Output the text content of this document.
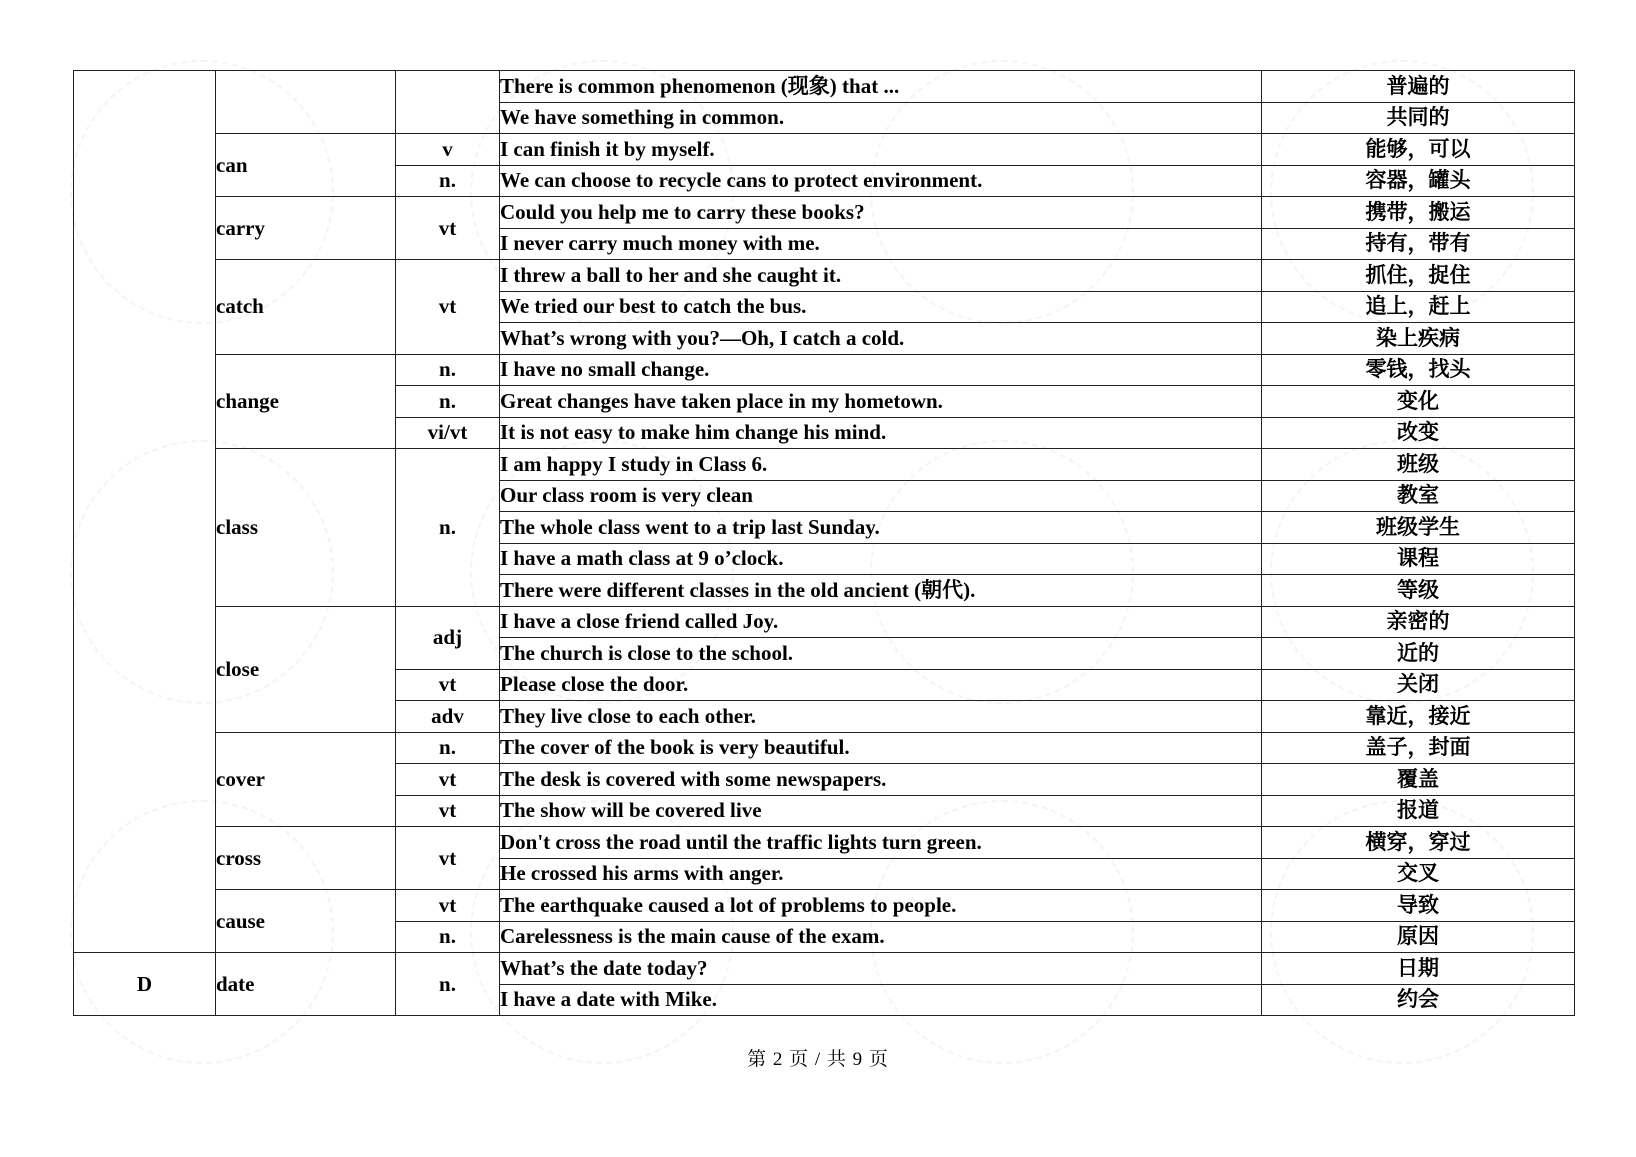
			There is common phenomenon (现象) that ...	普遍的
			We have something in common.	共同的
	can	v	I can finish it by myself.	能够，可以
		n.	We can choose to recycle cans to protect environment.	容器，罐头
	carry	vt	Could you help me to carry these books?	携带，搬运
			I never carry much money with me.	持有，带有
	catch	vt	I threw a ball to her and she caught it.	抓住，捉住
			We tried our best to catch the bus.	追上，赶上
			What’s wrong with you?—Oh, I catch a cold.	染上疾病
	change	n.	I have no small change.	零钱，找头
		n.	Great changes have taken place in my hometown.	变化
		vi/vt	It is not easy to make him change his mind.	改变
	class	n.	I am happy I study in Class 6.	班级
			Our class room is very clean	教室
			The whole class went to a trip last Sunday.	班级学生
			I have a math class at 9 o’clock.	课程
			There were different classes in the old ancient (朝代).	等级
	close	adj	I have a close friend called Joy.	亲密的
			The church is close to the school.	近的
		vt	Please close the door.	关闭
		adv	They live close to each other.	靠近，接近
	cover	n.	The cover of the book is very beautiful.	盖子，封面
		vt	The desk is covered with some newspapers.	覆盖
		vt	The show will be covered live	报道
	cross	vt	Don't cross the road until the traffic lights turn green.	横穿，穿过
			He crossed his arms with anger.	交叉
	cause	vt	The earthquake caused a lot of problems to people.	导致
		n.	Carelessness is the main cause of the exam.	原因
D	date	n.	What’s the date today?	日期
			I have a date with Mike.	约会
第 2 页 / 共 9 页
